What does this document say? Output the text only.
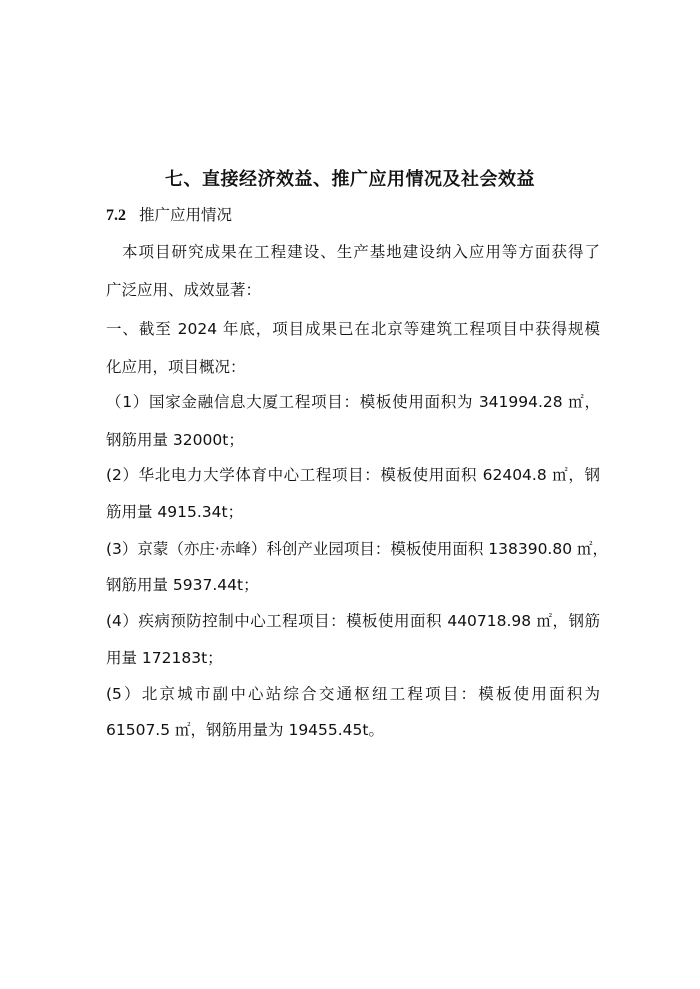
七、直接经济效益、推广应用情况及社会效益
7.2 推广应用情况
本项目研究成果在工程建设、生产基地建设纳入应用等方面获得了
广泛应用、成效显著：
一、截至 2024 年底，项目成果已在北京等建筑工程项目中获得规模
化应用，项目概况：
（1）国家金融信息大厦工程项目：模板使用面积为 341994.28 ㎡，
钢筋用量 32000t；
(2）华北电力大学体育中心工程项目：模板使用面积 62404.8 ㎡，钢
筋用量 4915.34t；
(3）京蒙（亦庄·赤峰）科创产业园项目：模板使用面积 138390.80 ㎡，
钢筋用量 5937.44t；
(4）疾病预防控制中心工程项目：模板使用面积 440718.98 ㎡，钢筋
用量 172183t；
(5）北京城市副中心站综合交通枢纽工程项目：模板使用面积为
61507.5 ㎡，钢筋用量为 19455.45t。
